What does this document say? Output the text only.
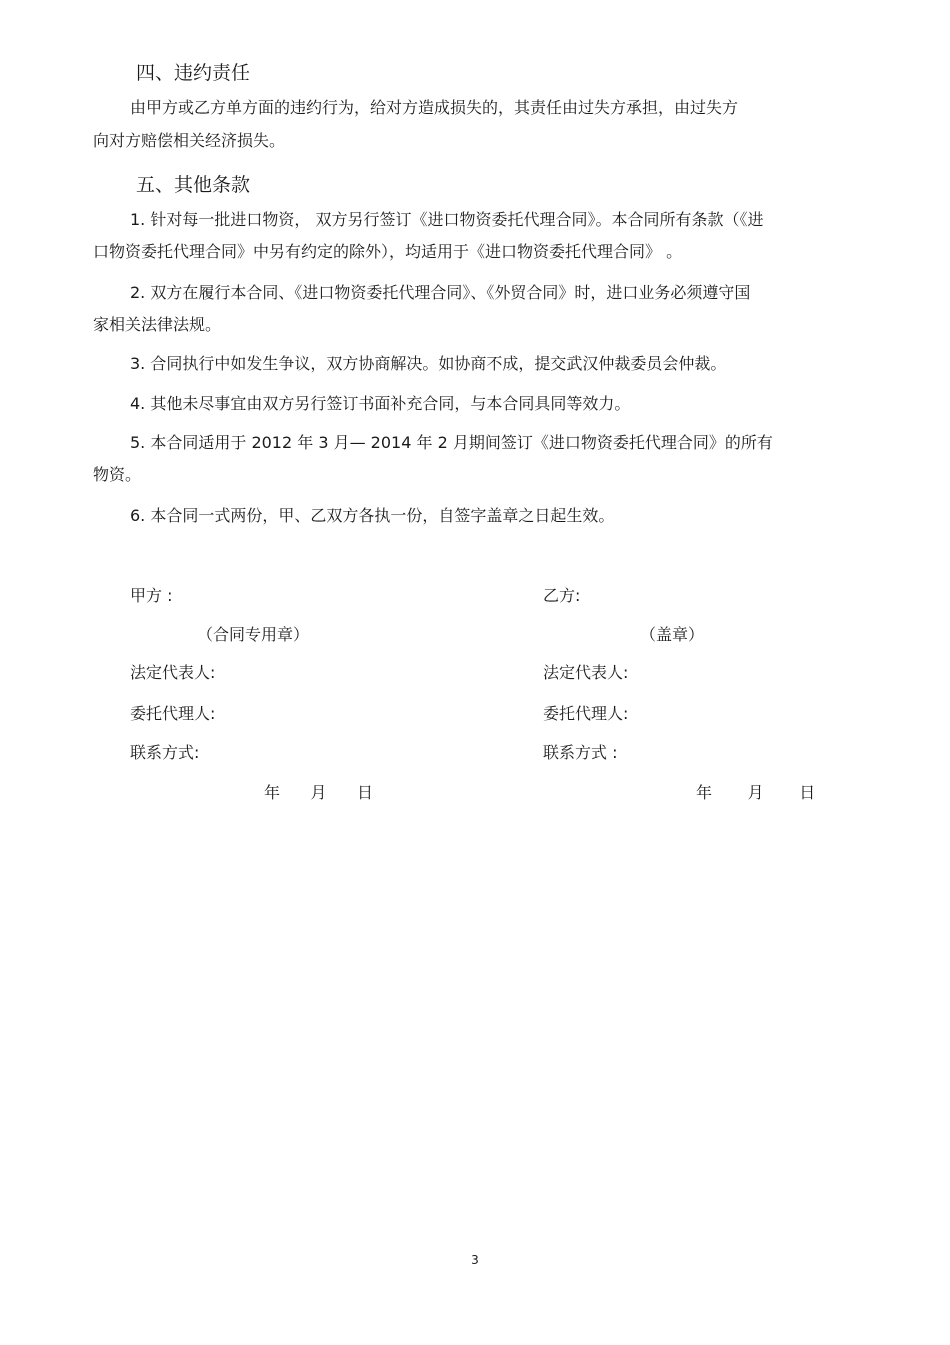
四、违约责任
由甲方或乙方单方面的违约行为，给对方造成损失的，其责任由过失方承担，由过失方
向对方赔偿相关经济损失。
五、其他条款
1. 针对每一批进口物资， 双方另行签订《进口物资委托代理合同》。本合同所有条款（《进
口物资委托代理合同》中另有约定的除外），均适用于《进口物资委托代理合同》 。
2. 双方在履行本合同、《进口物资委托代理合同》、《外贸合同》时，进口业务必须遵守国
家相关法律法规。
3. 合同执行中如发生争议，双方协商解决。如协商不成，提交武汉仲裁委员会仲裁。
4. 其他未尽事宜由双方另行签订书面补充合同，与本合同具同等效力。
5. 本合同适用于 2012 年 3 月— 2014 年 2 月期间签订《进口物资委托代理合同》的所有
物资。
6. 本合同一式两份，甲、乙双方各执一份，自签字盖章之日起生效。
甲方 :
（合同专用章）
法定代表人:
委托代理人:
联系方式:
年      月      日
乙方:
（盖章）
法定代表人:
委托代理人:
联系方式 :
年       月       日
3
